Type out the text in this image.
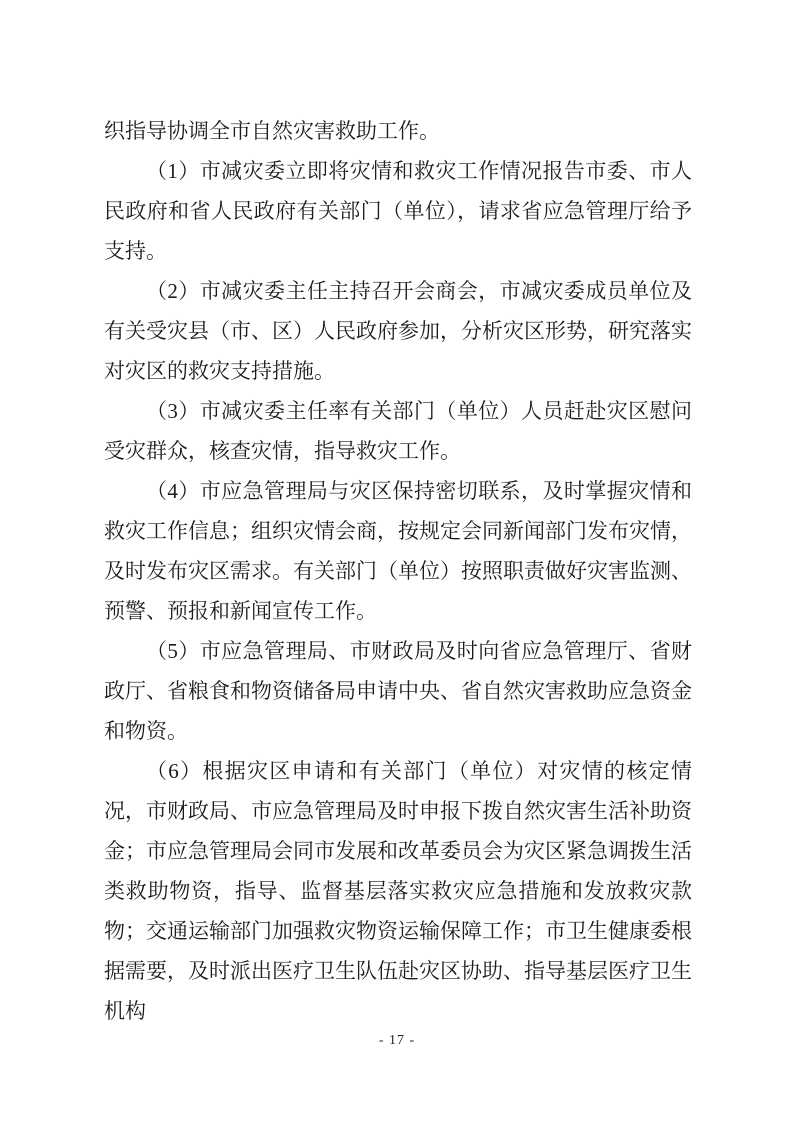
织指导协调全市自然灾害救助工作。

（1）市减灾委立即将灾情和救灾工作情况报告市委、市人民政府和省人民政府有关部门（单位），请求省应急管理厅给予支持。

（2）市减灾委主任主持召开会商会，市减灾委成员单位及有关受灾县（市、区）人民政府参加，分析灾区形势，研究落实对灾区的救灾支持措施。

（3）市减灾委主任率有关部门（单位）人员赶赴灾区慰问受灾群众，核查灾情，指导救灾工作。

（4）市应急管理局与灾区保持密切联系，及时掌握灾情和救灾工作信息；组织灾情会商，按规定会同新闻部门发布灾情，及时发布灾区需求。有关部门（单位）按照职责做好灾害监测、预警、预报和新闻宣传工作。

（5）市应急管理局、市财政局及时向省应急管理厅、省财政厅、省粮食和物资储备局申请中央、省自然灾害救助应急资金和物资。

（6）根据灾区申请和有关部门（单位）对灾情的核定情况，市财政局、市应急管理局及时申报下拨自然灾害生活补助资金；市应急管理局会同市发展和改革委员会为灾区紧急调拨生活类救助物资，指导、监督基层落实救灾应急措施和发放救灾款物；交通运输部门加强救灾物资运输保障工作；市卫生健康委根据需要，及时派出医疗卫生队伍赴灾区协助、指导基层医疗卫生机构

- 17 -
